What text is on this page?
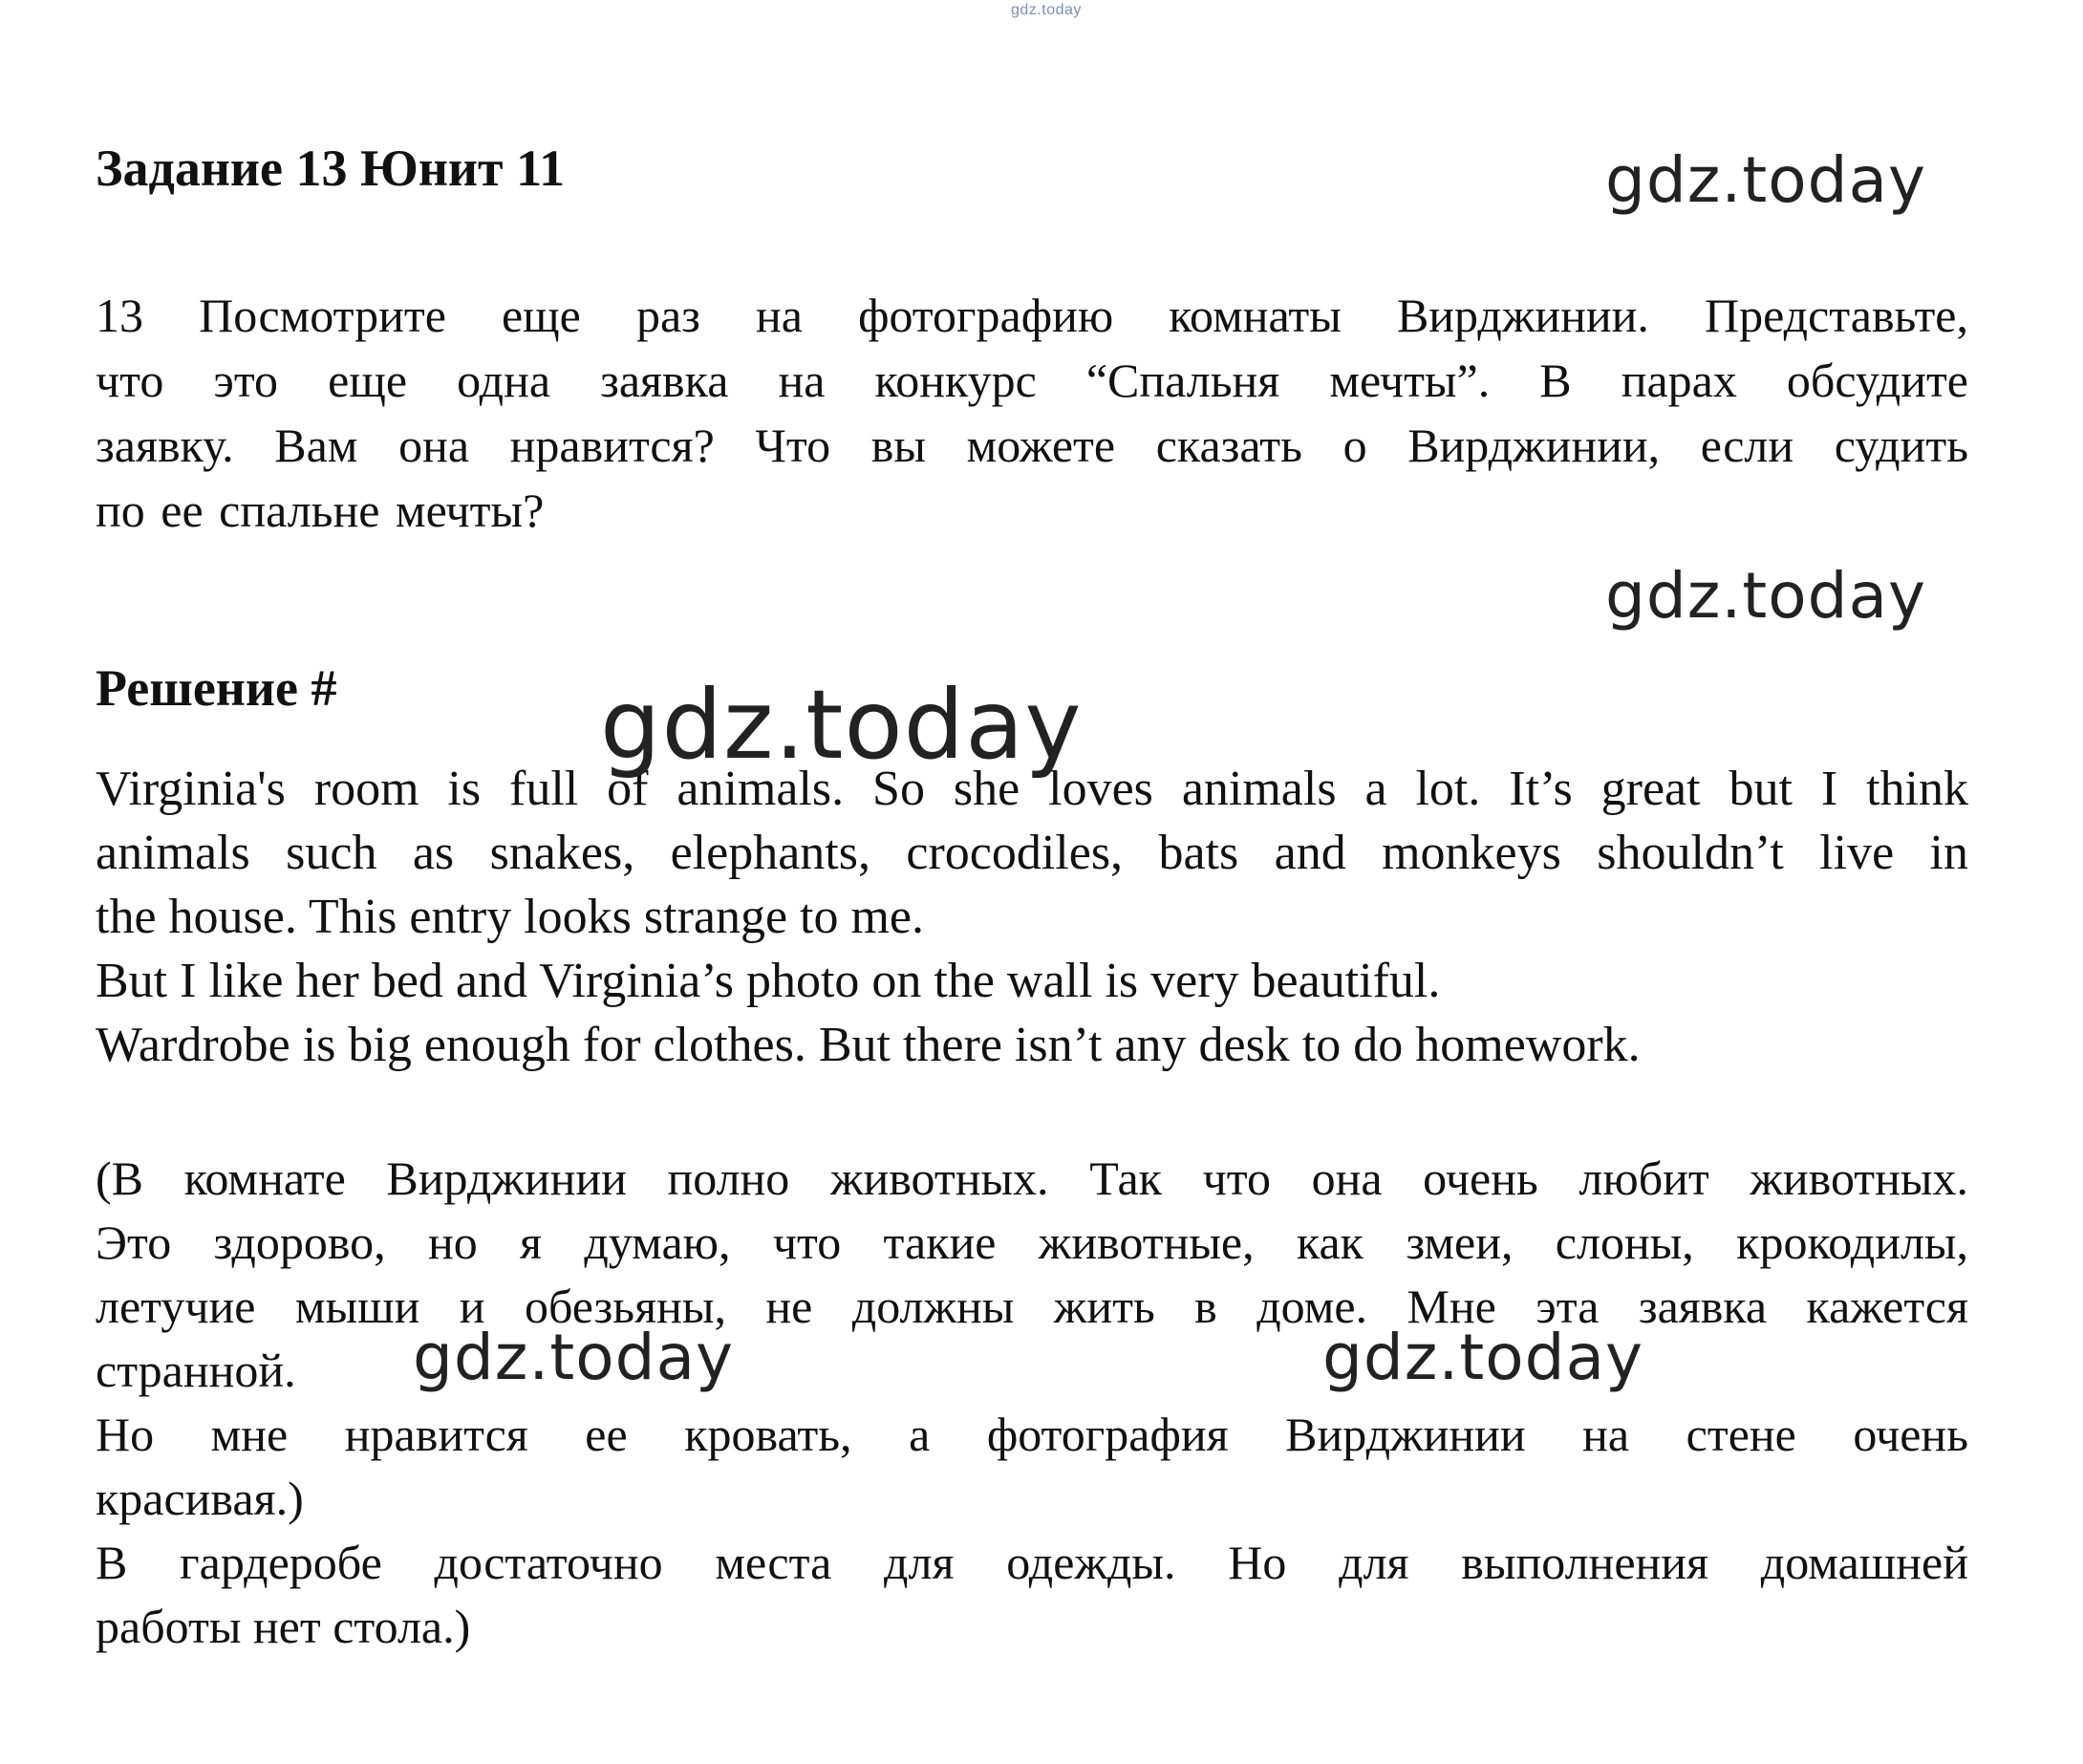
gdz.today
Задание 13 Юнит 11
13 Посмотрите еще раз на фотографию комнаты Вирджинии. Представьте,
что это еще одна заявка на конкурс “Спальня мечты”. В парах обсудите
заявку. Вам она нравится? Что вы можете сказать о Вирджинии, если судить
по ее спальне мечты?
Решение #
Virginia's room is full of animals. So she loves animals a lot. It’s great but I think
animals such as snakes, elephants, crocodiles, bats and monkeys shouldn’t live in
the house. This entry looks strange to me.
But I like her bed and Virginia’s photo on the wall is very beautiful.
Wardrobe is big enough for clothes. But there isn’t any desk to do homework.
(В комнате Вирджинии полно животных. Так что она очень любит животных.
Это здорово, но я думаю, что такие животные, как змеи, слоны, крокодилы,
летучие мыши и обезьяны, не должны жить в доме. Мне эта заявка кажется
странной.
Но мне нравится ее кровать, а фотография Вирджинии на стене очень
красивая.)
В гардеробе достаточно места для одежды. Но для выполнения домашней
работы нет стола.)
gdz.today
gdz.today
gdz.today
gdz.today	gdz.today
